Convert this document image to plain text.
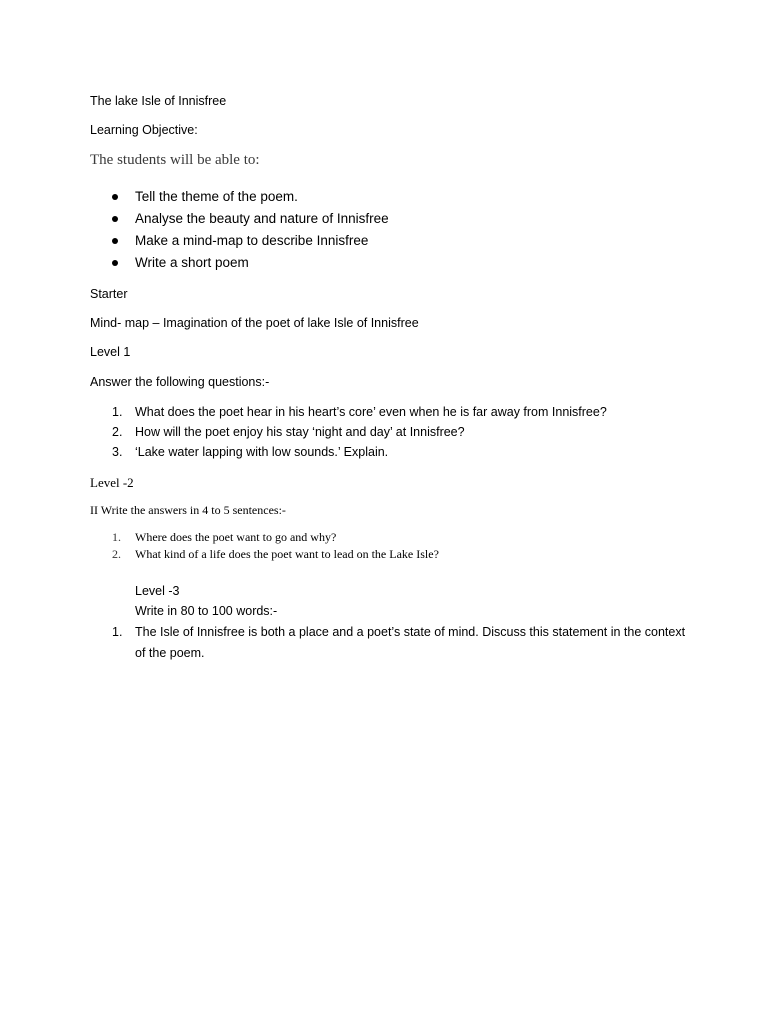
The lake Isle of Innisfree

Learning Objective:

The students will be able to:

Tell the theme of the poem.
Analyse the beauty and nature of Innisfree
Make a mind-map to describe Innisfree
Write a short poem

Starter

Mind- map – Imagination of the poet of lake Isle of Innisfree

Level 1

Answer the following questions:-

1. What does the poet hear in his heart’s core’ even when he is far away from Innisfree?
2. How will the poet enjoy his stay ‘night and day’ at Innisfree?
3. ‘Lake water lapping with low sounds.’ Explain.

Level -2

II Write the answers in 4 to 5 sentences:-

1. Where does the poet want to go and why?
2. What kind of a life does the poet want to lead on the Lake Isle?

Level -3

Write in 80 to 100 words:-

1. The Isle of Innisfree is both a place and a poet’s state of mind. Discuss this statement in the context of the poem.
